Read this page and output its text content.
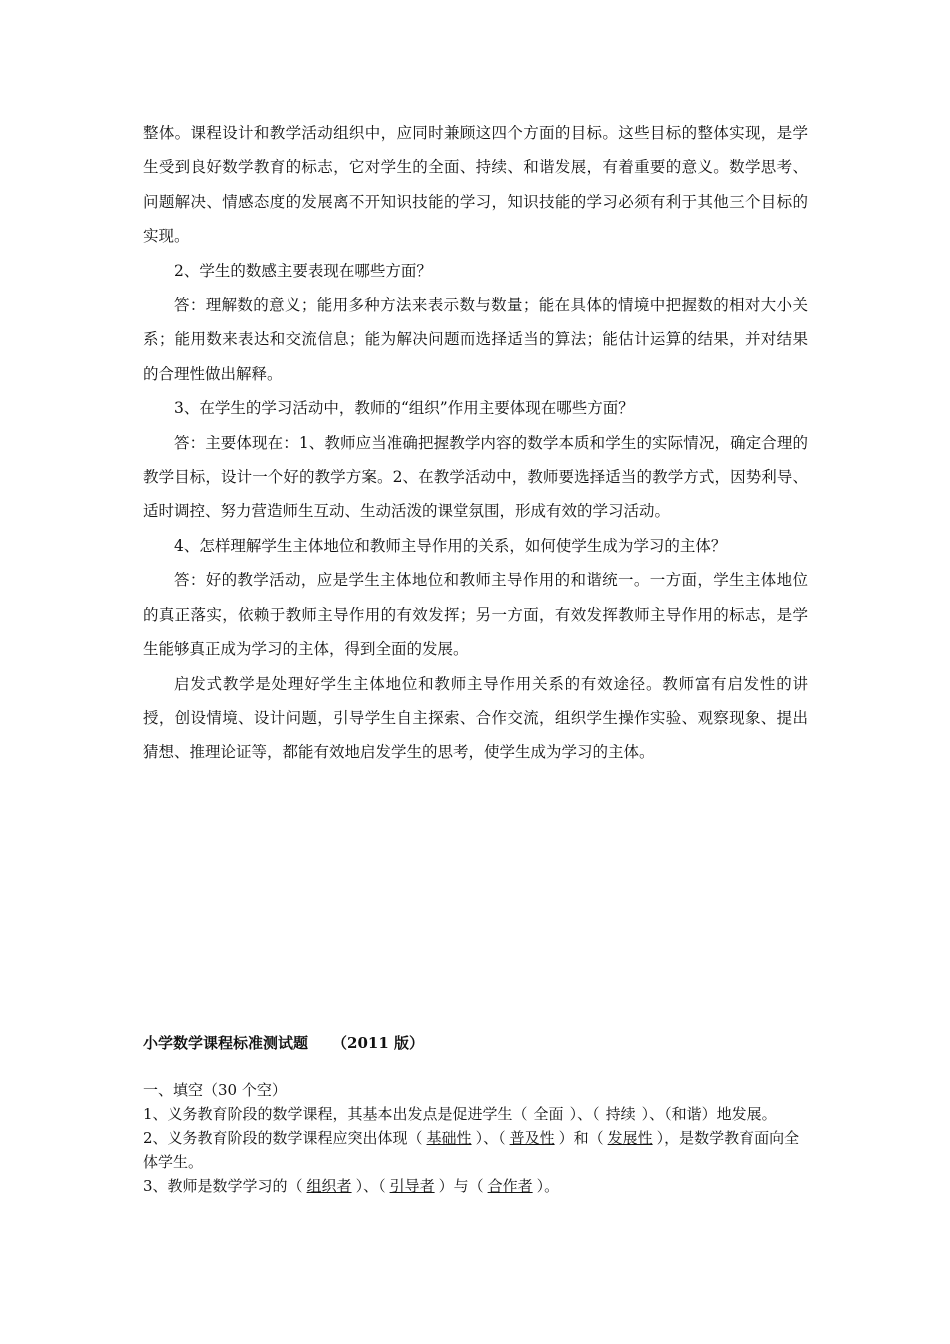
整体。课程设计和教学活动组织中，应同时兼顾这四个方面的目标。这些目标的整体实现，是学生受到良好数学教育的标志，它对学生的全面、持续、和谐发展，有着重要的意义。数学思考、问题解决、情感态度的发展离不开知识技能的学习，知识技能的学习必须有利于其他三个目标的实现。

2、学生的数感主要表现在哪些方面？

答：理解数的意义；能用多种方法来表示数与数量；能在具体的情境中把握数的相对大小关系；能用数来表达和交流信息；能为解决问题而选择适当的算法；能估计运算的结果，并对结果的合理性做出解释。

3、在学生的学习活动中，教师的“组织”作用主要体现在哪些方面？

答：主要体现在：1、教师应当准确把握教学内容的数学本质和学生的实际情况，确定合理的教学目标，设计一个好的教学方案。2、在教学活动中，教师要选择适当的教学方式，因势利导、适时调控、努力营造师生互动、生动活泼的课堂氛围，形成有效的学习活动。

4、怎样理解学生主体地位和教师主导作用的关系，如何使学生成为学习的主体？

答：好的教学活动，应是学生主体地位和教师主导作用的和谐统一。一方面，学生主体地位的真正落实，依赖于教师主导作用的有效发挥；另一方面，有效发挥教师主导作用的标志，是学生能够真正成为学习的主体，得到全面的发展。

启发式教学是处理好学生主体地位和教师主导作用关系的有效途径。教师富有启发性的讲授，创设情境、设计问题，引导学生自主探索、合作交流，组织学生操作实验、观察现象、提出猜想、推理论证等，都能有效地启发学生的思考，使学生成为学习的主体。

小学数学课程标准测试题 （2011 版）

一、填空（30 个空）

1、义务教育阶段的数学课程，其基本出发点是促进学生（ 全面 ）、（ 持续 ）、（和谐）地发展。

2、义务教育阶段的数学课程应突出体现（ 基础性 ）、（ 普及性 ）和（ 发展性 ），是数学教育面向全体学生。

3、教师是数学学习的（ 组织者 ）、（ 引导者 ）与（ 合作者 ）。
